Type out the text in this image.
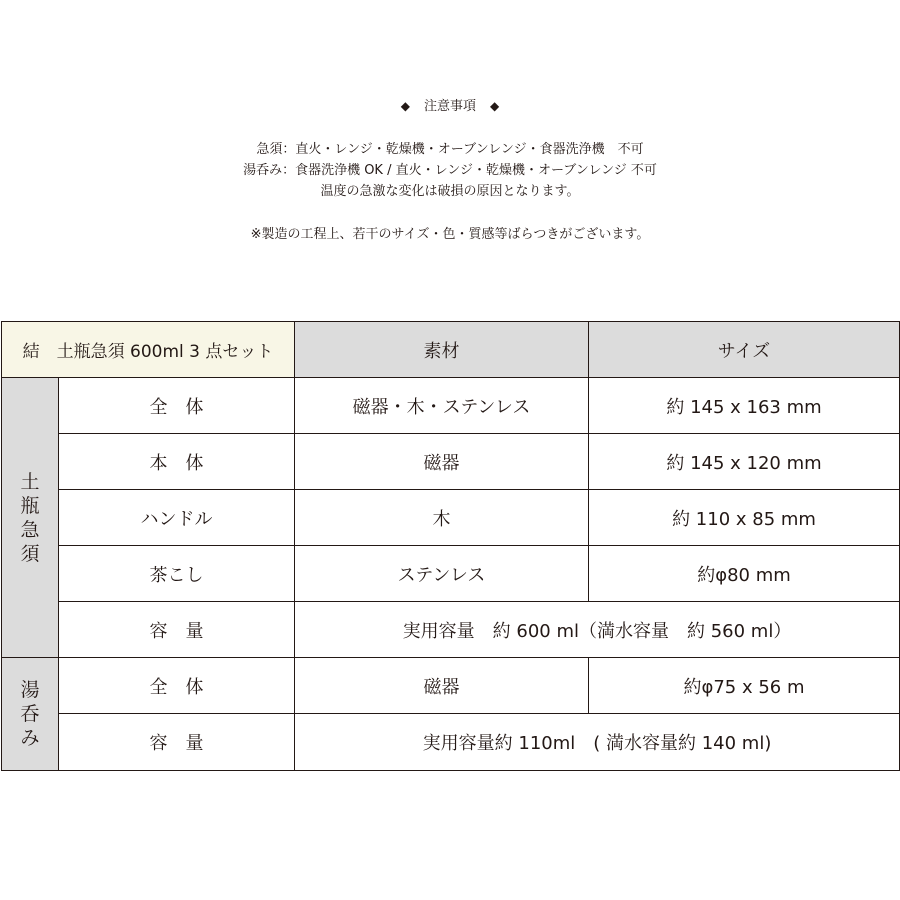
◆ 注意事項 ◆
急須：直火・レンジ・乾燥機・オーブンレンジ・食器洗浄機　不可
湯呑み：食器洗浄機 OK / 直火・レンジ・乾燥機・オーブンレンジ 不可
温度の急激な変化は破損の原因となります。
※製造の工程上、若干のサイズ・色・質感等ばらつきがございます。
結　土瓶急須 600ml 3 点セット		素材	サイズ
土瓶急須	全　体	磁器・木・ステンレス	約 145 x 163 mm
	本　体	磁器	約 145 x 120 mm
	ハンドル	木	約 110 x 85 mm
	茶こし	ステンレス	約φ80 mm
	容　量	実用容量　約 600 ml（満水容量　約 560 ml）	
湯呑み	全　体	磁器	約φ75 x 56 m
	容　量	実用容量約 110ml　( 満水容量約 140 ml)	
